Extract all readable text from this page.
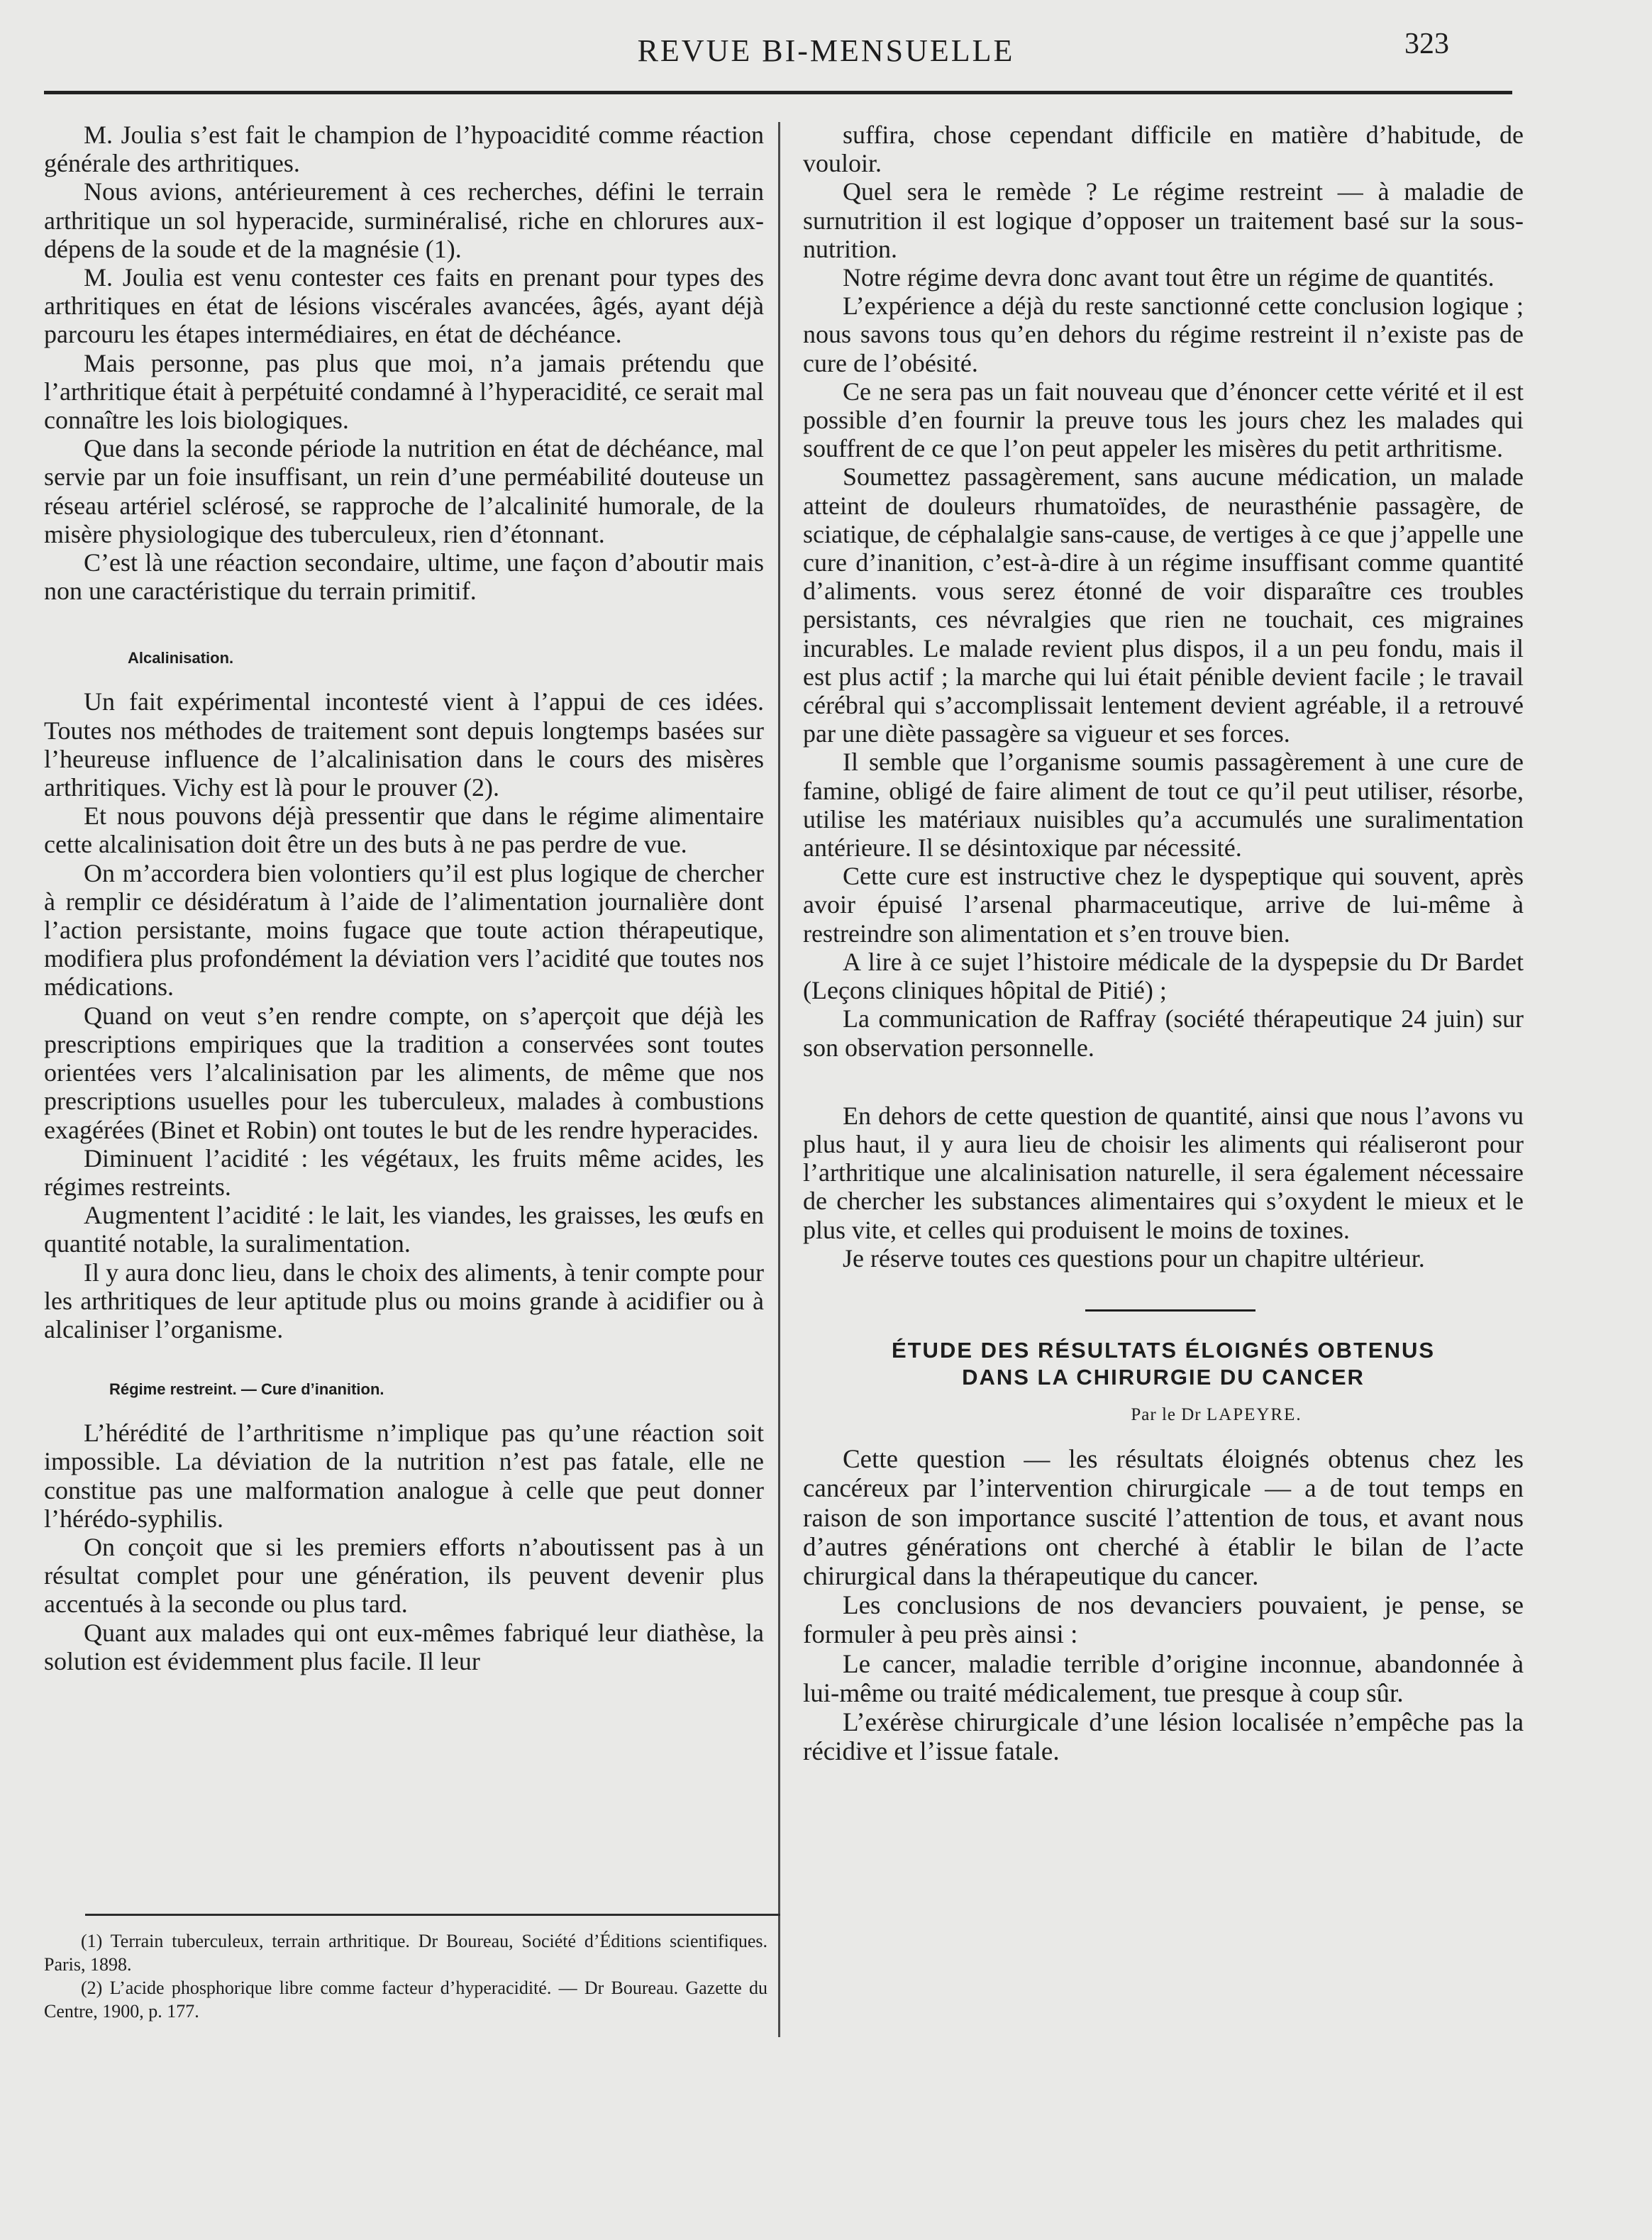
REVUE BI-MENSUELLE	323

M. Joulia s’est fait le champion de l’hypoacidité comme réaction générale des arthritiques.

Nous avions, antérieurement à ces recherches, défini le terrain arthritique un sol hyperacide, surminéralisé, riche en chlorures aux-dépens de la soude et de la magnésie (1).

M. Joulia est venu contester ces faits en prenant pour types des arthritiques en état de lésions viscérales avancées, âgés, ayant déjà parcouru les étapes intermédiaires, en état de déchéance.

Mais personne, pas plus que moi, n’a jamais prétendu que l’arthritique était à perpétuité condamné à l’hyperacidité, ce serait mal connaître les lois biologiques.

Que dans la seconde période la nutrition en état de déchéance, mal servie par un foie insuffisant, un rein d’une perméabilité douteuse un réseau artériel sclérosé, se rapproche de l’alcalinité humorale, de la misère physiologique des tuberculeux, rien d’étonnant.

C’est là une réaction secondaire, ultime, une façon d’aboutir mais non une caractéristique du terrain primitif.

Alcalinisation.

Un fait expérimental incontesté vient à l’appui de ces idées. Toutes nos méthodes de traitement sont depuis longtemps basées sur l’heureuse influence de l’alcalinisation dans le cours des misères arthritiques. Vichy est là pour le prouver (2).

Et nous pouvons déjà pressentir que dans le régime alimentaire cette alcalinisation doit être un des buts à ne pas perdre de vue.

On m’accordera bien volontiers qu’il est plus logique de chercher à remplir ce désidératum à l’aide de l’alimentation journalière dont l’action persistante, moins fugace que toute action thérapeutique, modifiera plus profondément la déviation vers l’acidité que toutes nos médications.

Quand on veut s’en rendre compte, on s’aperçoit que déjà les prescriptions empiriques que la tradition a conservées sont toutes orientées vers l’alcalinisation par les aliments, de même que nos prescriptions usuelles pour les tuberculeux, malades à combustions exagérées (Binet et Robin) ont toutes le but de les rendre hyperacides.

Diminuent l’acidité : les végétaux, les fruits même acides, les régimes restreints.

Augmentent l’acidité : le lait, les viandes, les graisses, les œufs en quantité notable, la suralimentation.

Il y aura donc lieu, dans le choix des aliments, à tenir compte pour les arthritiques de leur aptitude plus ou moins grande à acidifier ou à alcaliniser l’organisme.

Régime restreint. — Cure d’inanition.

L’hérédité de l’arthritisme n’implique pas qu’une réaction soit impossible. La déviation de la nutrition n’est pas fatale, elle ne constitue pas une malformation analogue à celle que peut donner l’hérédo-syphilis.

On conçoit que si les premiers efforts n’aboutissent pas à un résultat complet pour une génération, ils peuvent devenir plus accentués à la seconde ou plus tard.

Quant aux malades qui ont eux-mêmes fabriqué leur diathèse, la solution est évidemment plus facile. Il leur

(1) Terrain tuberculeux, terrain arthritique. Dr Boureau, Société d’Éditions scientifiques. Paris, 1898.

(2) L’acide phosphorique libre comme facteur d’hyperacidité. — Dr Boureau. Gazette du Centre, 1900, p. 177.

suffira, chose cependant difficile en matière d’habitude, de vouloir.

Quel sera le remède ? Le régime restreint — à maladie de surnutrition il est logique d’opposer un traitement basé sur la sous-nutrition.

Notre régime devra donc avant tout être un régime de quantités.

L’expérience a déjà du reste sanctionné cette conclusion logique ; nous savons tous qu’en dehors du régime restreint il n’existe pas de cure de l’obésité.

Ce ne sera pas un fait nouveau que d’énoncer cette vérité et il est possible d’en fournir la preuve tous les jours chez les malades qui souffrent de ce que l’on peut appeler les misères du petit arthritisme.

Soumettez passagèrement, sans aucune médication, un malade atteint de douleurs rhumatoïdes, de neurasthénie passagère, de sciatique, de céphalalgie sans-cause, de vertiges à ce que j’appelle une cure d’inanition, c’est-à-dire à un régime insuffisant comme quantité d’aliments. vous serez étonné de voir disparaître ces troubles persistants, ces névralgies que rien ne touchait, ces migraines incurables. Le malade revient plus dispos, il a un peu fondu, mais il est plus actif ; la marche qui lui était pénible devient facile ; le travail cérébral qui s’accomplissait lentement devient agréable, il a retrouvé par une diète passagère sa vigueur et ses forces.

Il semble que l’organisme soumis passagèrement à une cure de famine, obligé de faire aliment de tout ce qu’il peut utiliser, résorbe, utilise les matériaux nuisibles qu’a accumulés une suralimentation antérieure. Il se désintoxique par nécessité.

Cette cure est instructive chez le dyspeptique qui souvent, après avoir épuisé l’arsenal pharmaceutique, arrive de lui-même à restreindre son alimentation et s’en trouve bien.

A lire à ce sujet l’histoire médicale de la dyspepsie du Dr Bardet (Leçons cliniques hôpital de Pitié) ;

La communication de Raffray (société thérapeutique 24 juin) sur son observation personnelle.

En dehors de cette question de quantité, ainsi que nous l’avons vu plus haut, il y aura lieu de choisir les aliments qui réaliseront pour l’arthritique une alcalinisation naturelle, il sera également nécessaire de chercher les substances alimentaires qui s’oxydent le mieux et le plus vite, et celles qui produisent le moins de toxines.

Je réserve toutes ces questions pour un chapitre ultérieur.

ÉTUDE DES RÉSULTATS ÉLOIGNÉS OBTENUS
DANS LA CHIRURGIE DU CANCER
Par le Dr LAPEYRE.

Cette question — les résultats éloignés obtenus chez les cancéreux par l’intervention chirurgicale — a de tout temps en raison de son importance suscité l’attention de tous, et avant nous d’autres générations ont cherché à établir le bilan de l’acte chirurgical dans la thérapeutique du cancer.

Les conclusions de nos devanciers pouvaient, je pense, se formuler à peu près ainsi :

Le cancer, maladie terrible d’origine inconnue, abandonnée à lui-même ou traité médicalement, tue presque à coup sûr.

L’exérèse chirurgicale d’une lésion localisée n’empêche pas la récidive et l’issue fatale.
